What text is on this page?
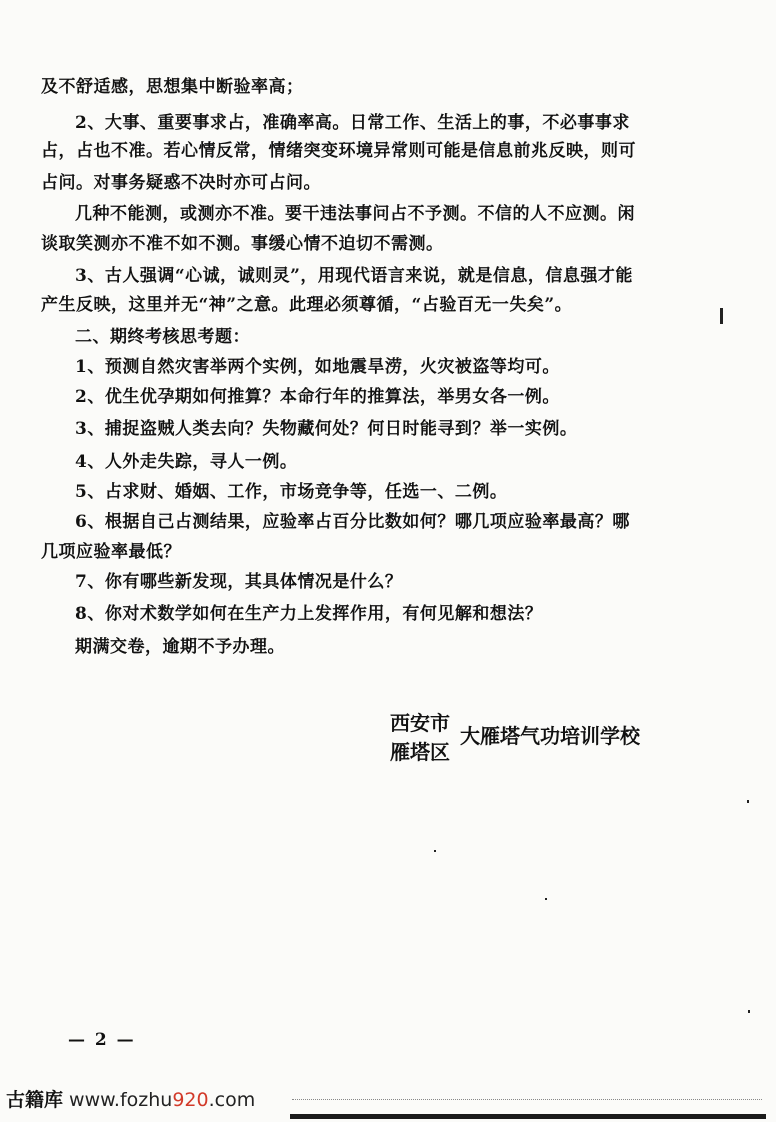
及不舒适感，思想集中断验率高；
2、大事、重要事求占，准确率高。日常工作、生活上的事，不必事事求
占，占也不准。若心情反常，情绪突变环境异常则可能是信息前兆反映，则可
占问。对事务疑惑不决时亦可占问。
几种不能测，或测亦不准。要干违法事问占不予测。不信的人不应测。闲
谈取笑测亦不准不如不测。事缓心情不迫切不需测。
3、古人强调“心诚，诚则灵”，用现代语言来说，就是信息，信息强才能
产生反映，这里并无“神”之意。此理必须尊循，“占验百无一失矣”。
二、期终考核思考题：
1、预测自然灾害举两个实例，如地震旱涝，火灾被盗等均可。
2、优生优孕期如何推算？本命行年的推算法，举男女各一例。
3、捕捉盗贼人类去向？失物藏何处？何日时能寻到？举一实例。
4、人外走失踪，寻人一例。
5、占求财、婚姻、工作，市场竞争等，任选一、二例。
6、根据自己占测结果，应验率占百分比数如何？哪几项应验率最高？哪
几项应验率最低？
7、你有哪些新发现，其具体情况是什么？
8、你对术数学如何在生产力上发挥作用，有何见解和想法？
期满交卷，逾期不予办理。
西安市
雁塔区
大雁塔气功培训学校
— 2 —
古籍库 www.fozhu920.com
